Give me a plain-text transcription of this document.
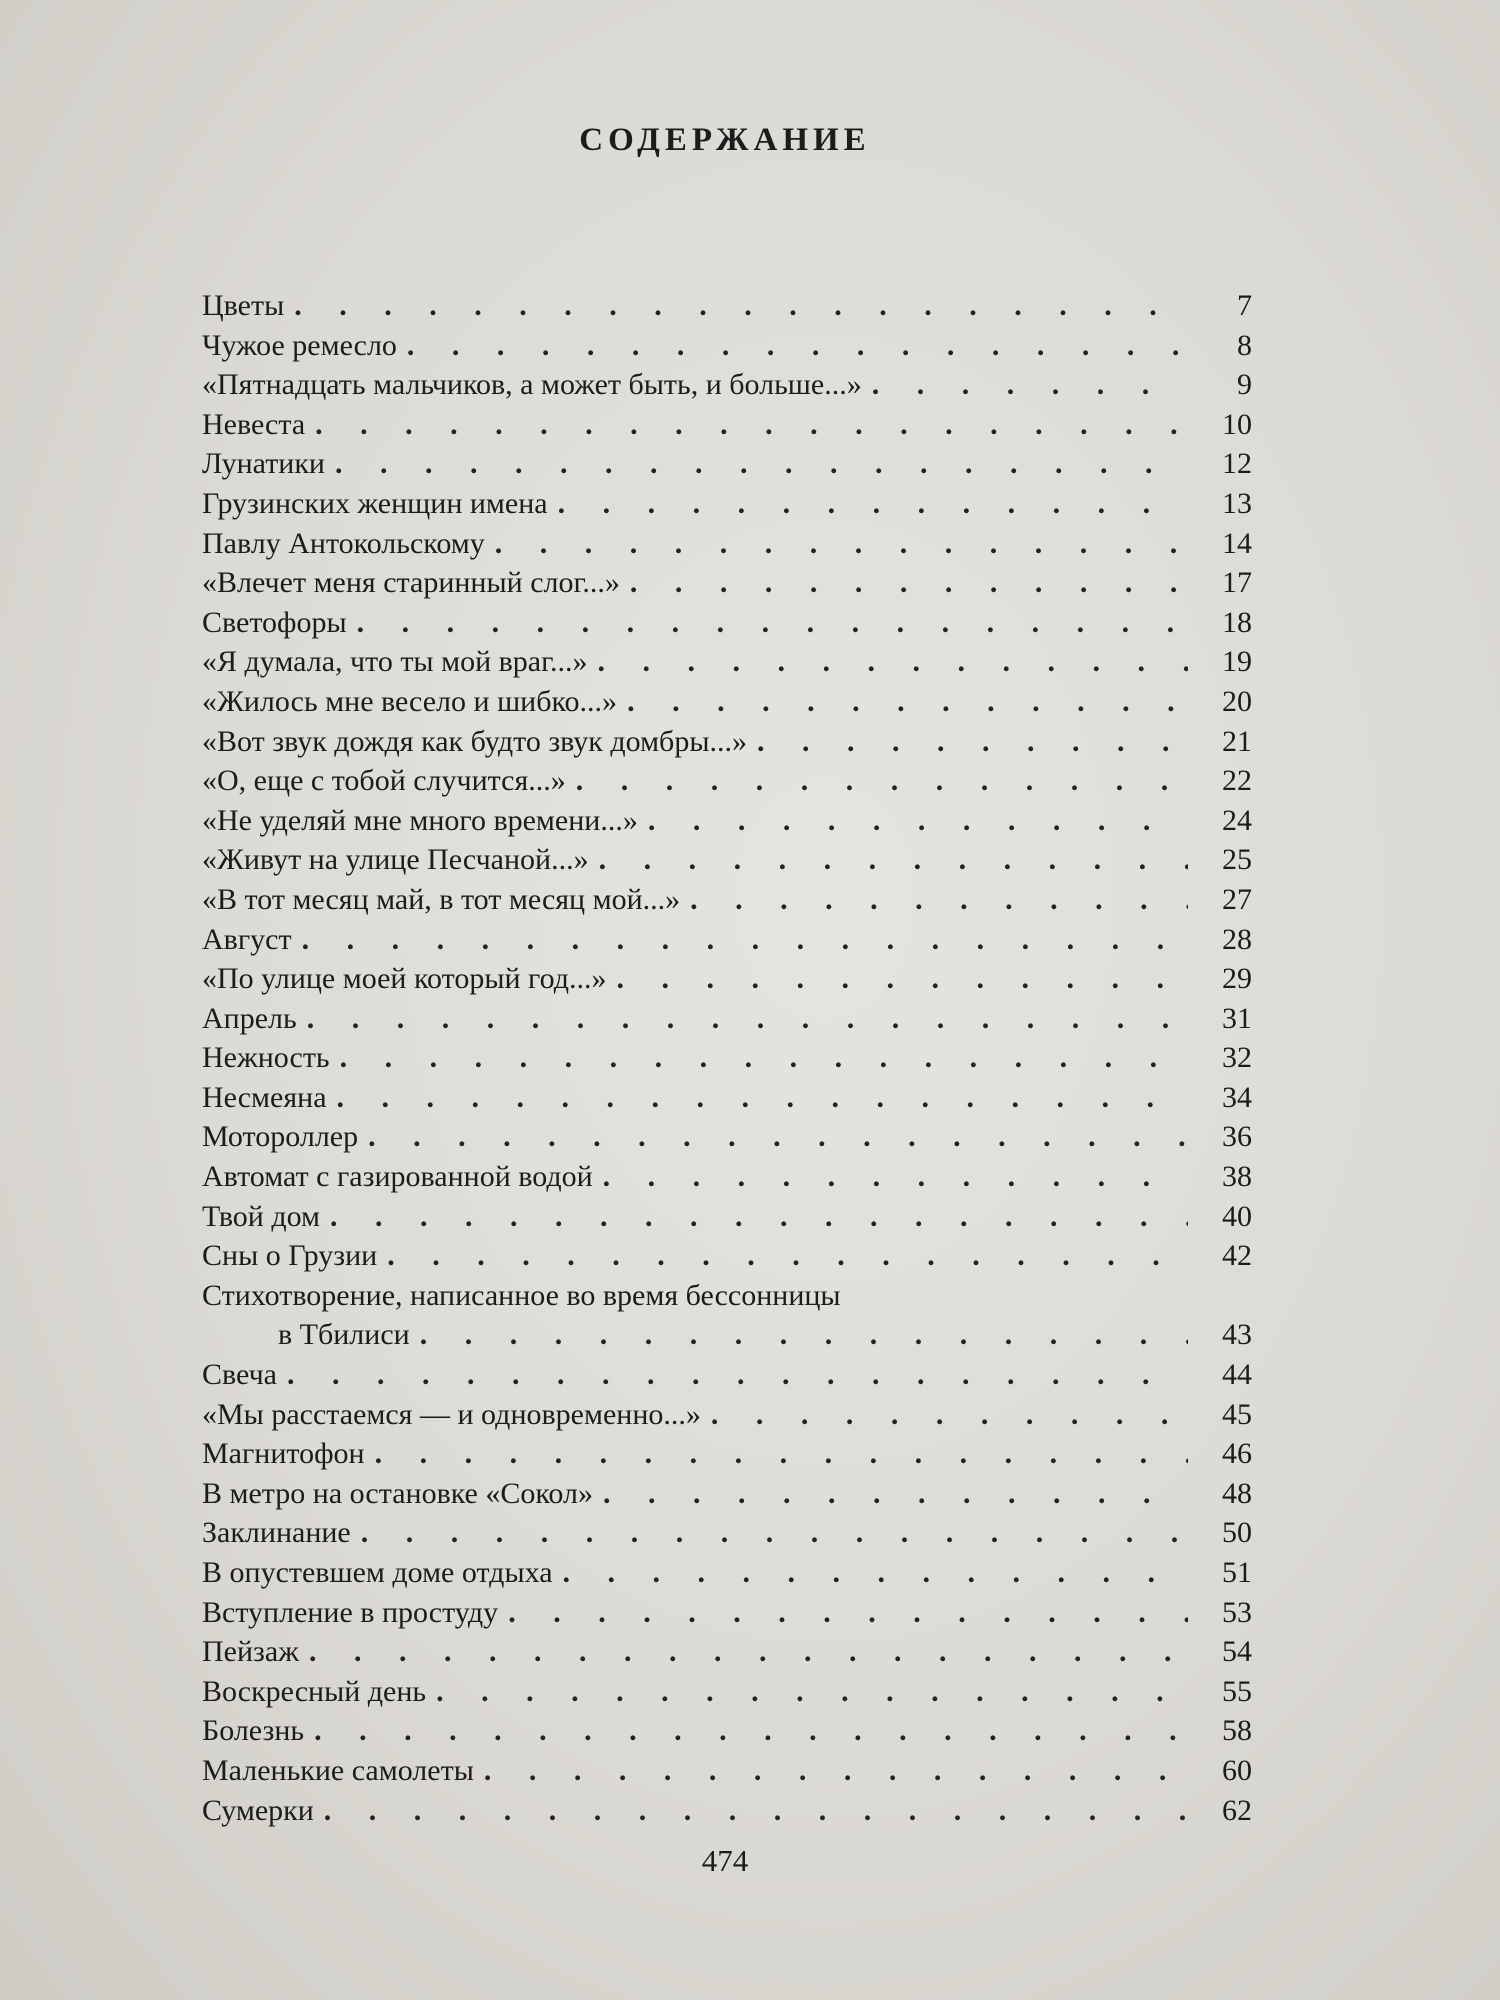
СОДЕРЖАНИЕ
Цветы .	7
Чужое ремесло .	8
«Пятнадцать мальчиков, а может быть, и больше...» .	9
Невеста .	10
Лунатики .	12
Грузинских женщин имена .	13
Павлу Антокольскому .	14
«Влечет меня старинный слог...» .	17
Светофоры .	18
«Я думала, что ты мой враг...» .	19
«Жилось мне весело и шибко...» .	20
«Вот звук дождя как будто звук домбры...» .	21
«О, еще с тобой случится...» .	22
«Не уделяй мне много времени...» .	24
«Живут на улице Песчаной...» .	25
«В тот месяц май, в тот месяц мой...» .	27
Август .	28
«По улице моей который год...» .	29
Апрель .	31
Нежность .	32
Несмеяна .	34
Мотороллер .	36
Автомат с газированной водой .	38
Твой дом .	40
Сны о Грузии .	42
Стихотворение, написанное во время бессонницы
в Тбилиси .	43
Свеча .	44
«Мы расстаемся — и одновременно...» .	45
Магнитофон .	46
В метро на остановке «Сокол» .	48
Заклинание .	50
В опустевшем доме отдыха .	51
Вступление в простуду .	53
Пейзаж .	54
Воскресный день .	55
Болезнь .	58
Маленькие самолеты .	60
Сумерки .	62
474
